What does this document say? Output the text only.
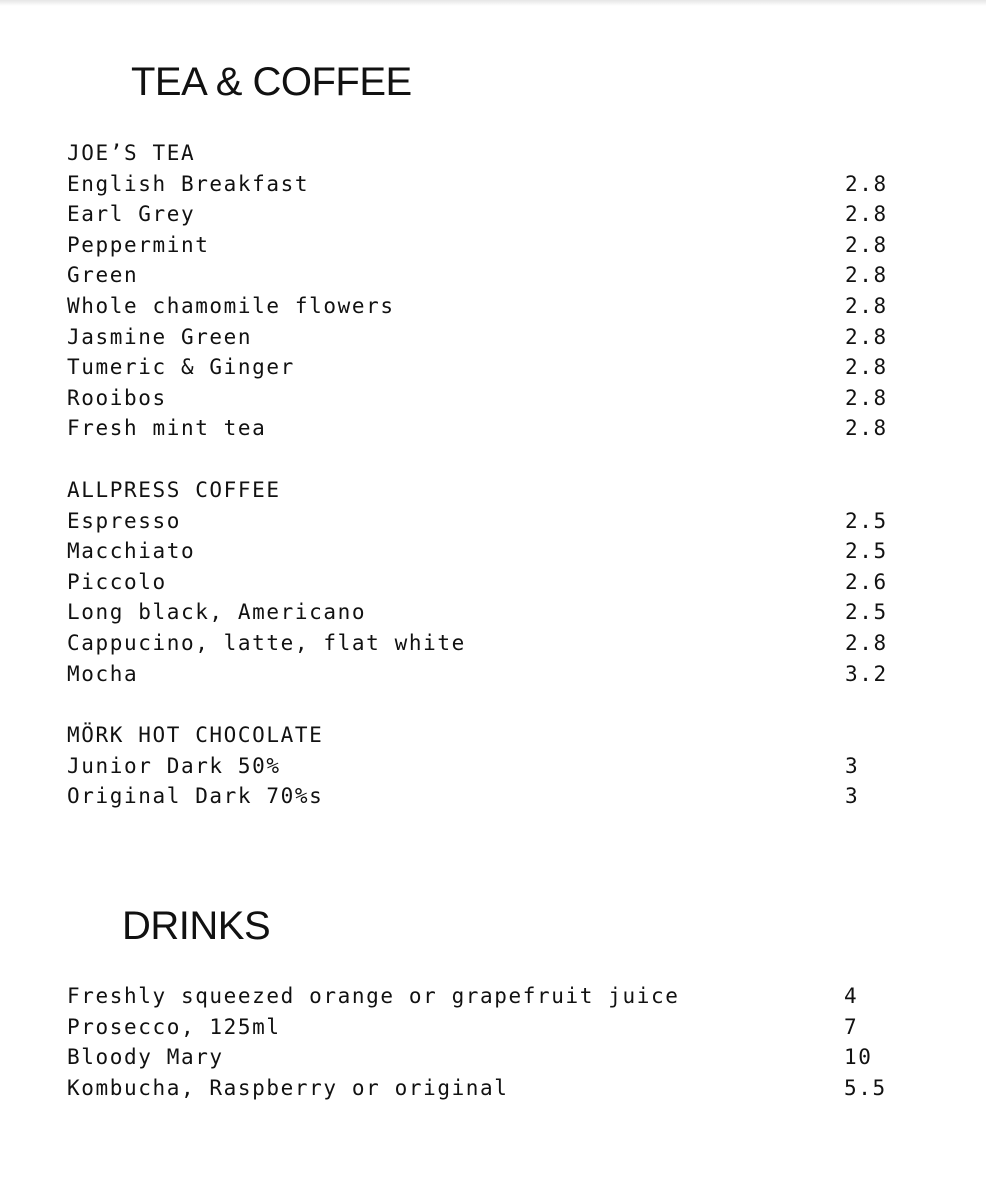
TEA & COFFEE
JOE’S TEA
English Breakfast	2.8
Earl Grey	2.8
Peppermint	2.8
Green	2.8
Whole chamomile flowers	2.8
Jasmine Green	2.8
Tumeric & Ginger	2.8
Rooibos	2.8
Fresh mint tea	2.8
ALLPRESS COFFEE
Espresso	2.5
Macchiato	2.5
Piccolo	2.6
Long black, Americano	2.5
Cappucino, latte, flat white	2.8
Mocha	3.2
MÖRK HOT CHOCOLATE
Junior Dark 50%	3
Original Dark 70%s	3
DRINKS
Freshly squeezed orange or grapefruit juice	4
Prosecco, 125ml	7
Bloody Mary	10
Kombucha, Raspberry or original	5.5
